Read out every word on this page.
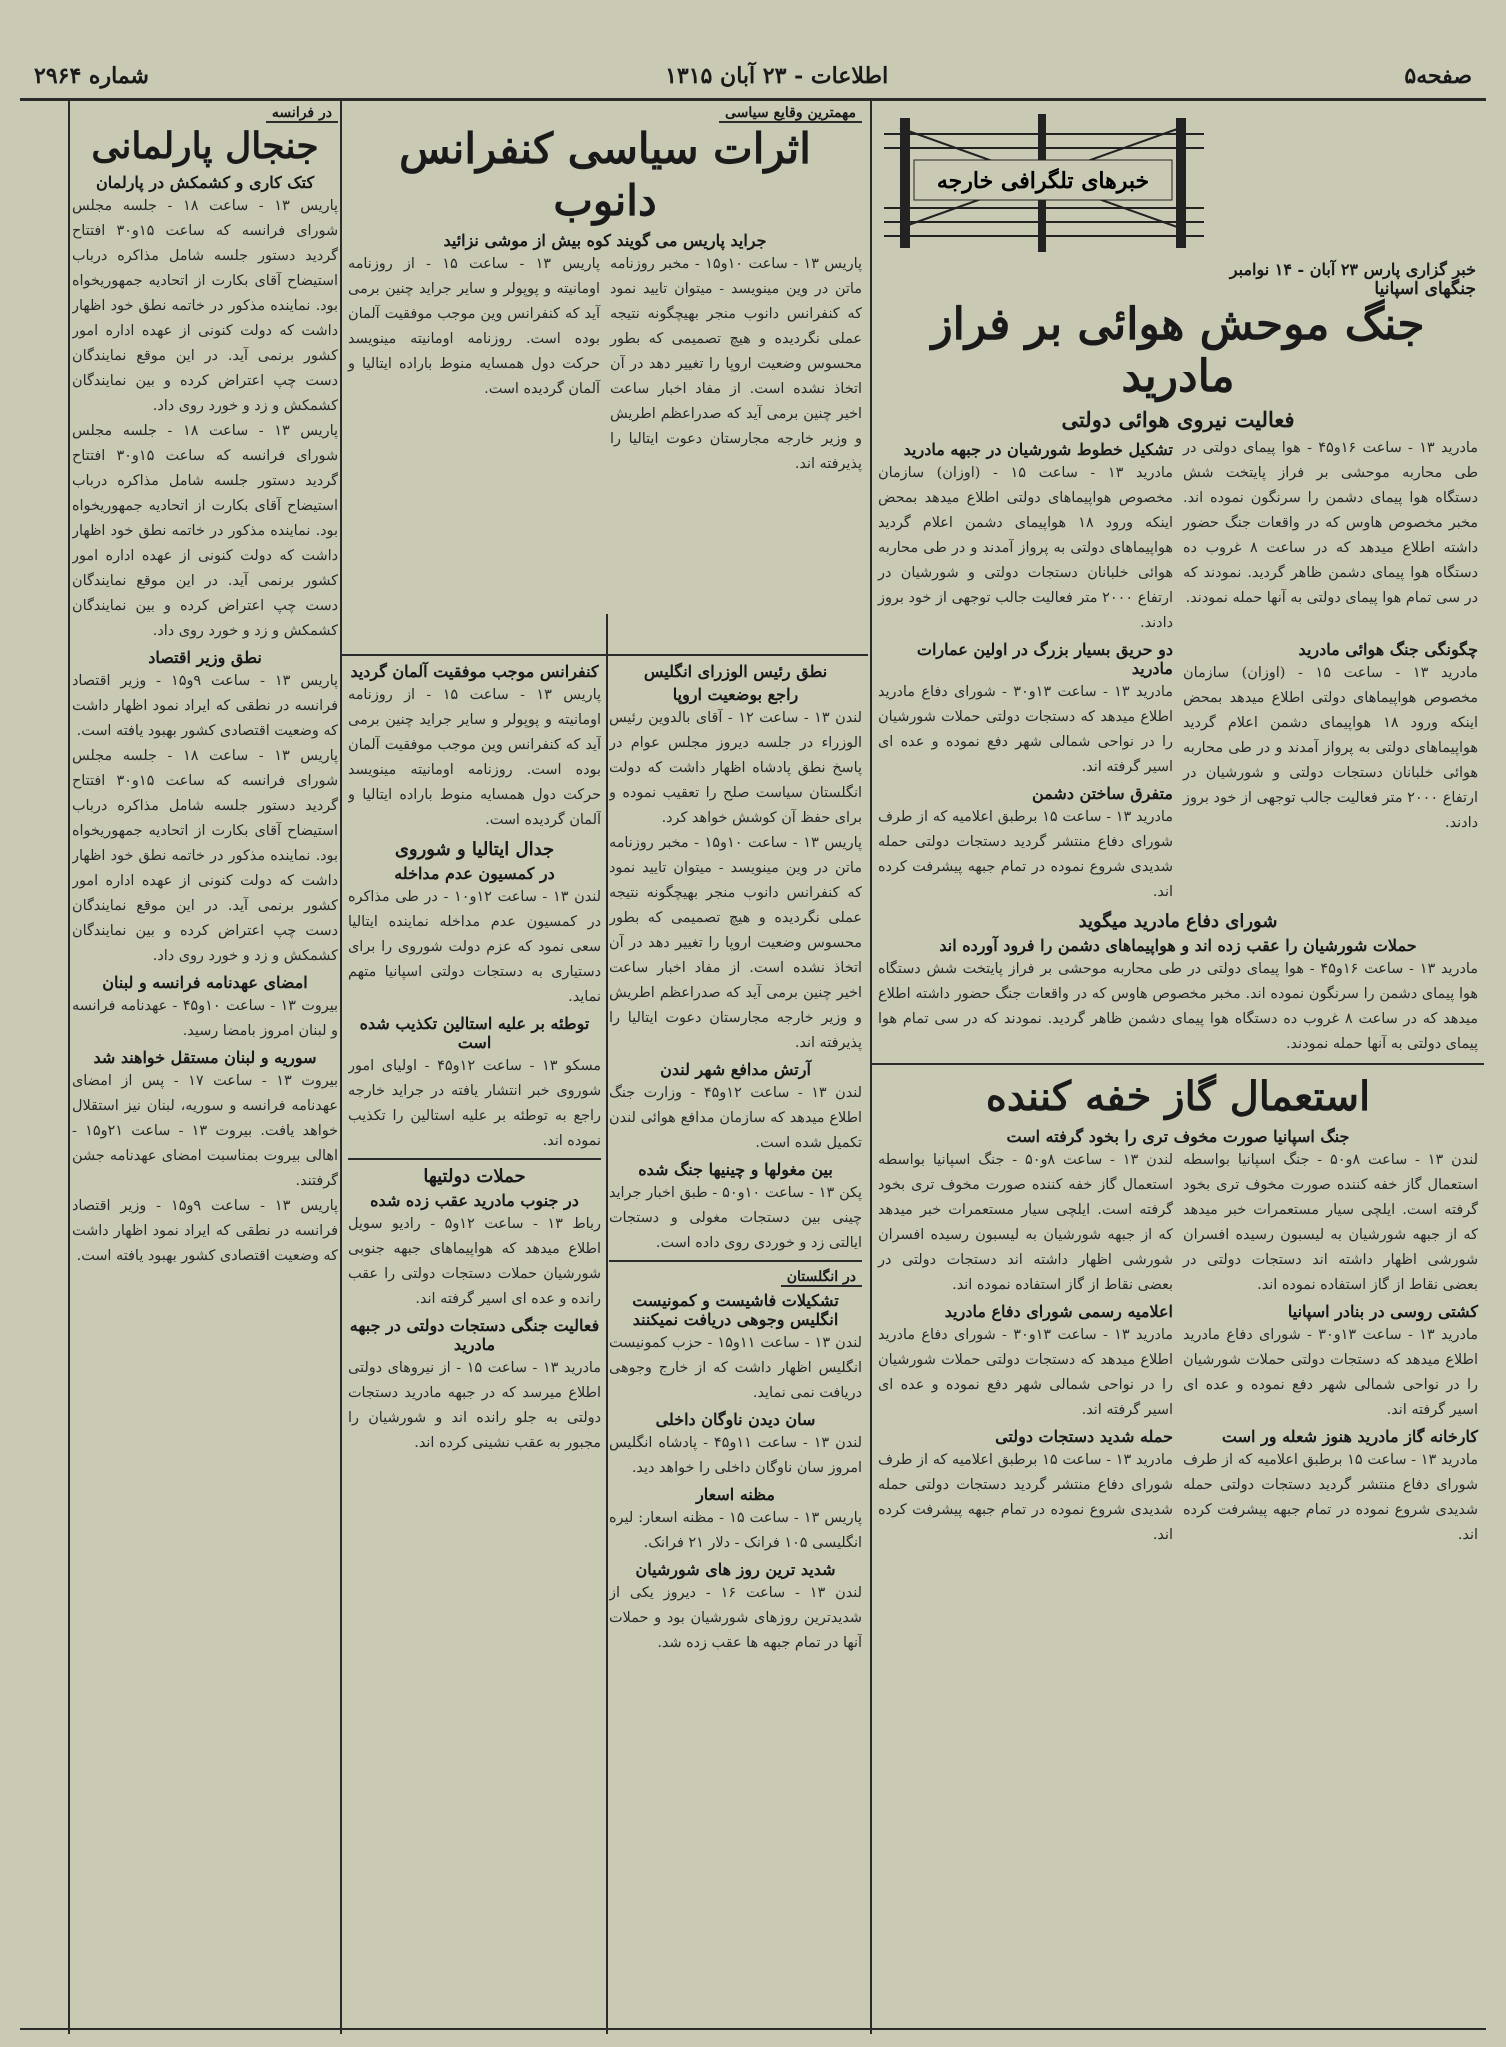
صفحه۵
اطلاعات - ۲۳ آبان ۱۳۱۵
شماره ۲۹۶۴
خبرهای تلگرافی خارجه
خبر گزاری پارس ۲۳ آبان - ۱۴ نوامبر
جنگهای اسپانیا
جنگ موحش هوائی بر فراز مادرید
فعالیت نیروی هوائی دولتی

مادرید ۱۳ - ساعت ۱۶و۴۵ - هوا پیمای دولتی در طی محاربه موحشی بر فراز پایتخت شش دستگاه هوا پیمای دشمن را سرنگون نموده اند. مخبر مخصوص هاوس که در واقعات جنگ حضور داشته اطلاع میدهد که در ساعت ۸ غروب ده دستگاه هوا پیمای دشمن ظاهر گردید. نمودند که در سی تمام هوا پیمای دولتی به آنها حمله نمودند.

تشکیل خطوط شورشیان در جبهه مادرید

مادرید ۱۳ - ساعت ۱۵ - (اوزان) سازمان مخصوص هواپیماهای دولتی اطلاع میدهد بمحض اینکه ورود ۱۸ هواپیمای دشمن اعلام گردید هواپیماهای دولتی به پرواز آمدند و در طی محاربه هوائی خلبانان دستجات دولتی و شورشیان در ارتفاع ۲۰۰۰ متر فعالیت جالب توجهی از خود بروز دادند.

چگونگی جنگ هوائی مادرید

مادرید ۱۳ - ساعت ۱۵ - (اوزان) سازمان مخصوص هواپیماهای دولتی اطلاع میدهد بمحض اینکه ورود ۱۸ هواپیمای دشمن اعلام گردید هواپیماهای دولتی به پرواز آمدند و در طی محاربه هوائی خلبانان دستجات دولتی و شورشیان در ارتفاع ۲۰۰۰ متر فعالیت جالب توجهی از خود بروز دادند.

دو حریق بسیار بزرگ در اولین عمارات مادرید

مادرید ۱۳ - ساعت ۱۳و۳۰ - شورای دفاع مادرید اطلاع میدهد که دستجات دولتی حملات شورشیان را در نواحی شمالی شهر دفع نموده و عده ای اسیر گرفته اند.

متفرق ساختن دشمن

مادرید ۱۳ - ساعت ۱۵ برطبق اعلامیه که از طرف شورای دفاع منتشر گردید دستجات دولتی حمله شدیدی شروع نموده در تمام جبهه پیشرفت کرده اند.

شورای دفاع مادرید میگوید
حملات شورشیان را عقب زده اند و هواپیماهای دشمن را فرود آورده اند

مادرید ۱۳ - ساعت ۱۶و۴۵ - هوا پیمای دولتی در طی محاربه موحشی بر فراز پایتخت شش دستگاه هوا پیمای دشمن را سرنگون نموده اند. مخبر مخصوص هاوس که در واقعات جنگ حضور داشته اطلاع میدهد که در ساعت ۸ غروب ده دستگاه هوا پیمای دشمن ظاهر گردید. نمودند که در سی تمام هوا پیمای دولتی به آنها حمله نمودند.

استعمال گاز خفه کننده
جنگ اسپانیا صورت مخوف تری را بخود گرفته است

لندن ۱۳ - ساعت ۸و۵۰ - جنگ اسپانیا بواسطه استعمال گاز خفه کننده صورت مخوف تری بخود گرفته است. ایلچی سیار مستعمرات خبر میدهد که از جبهه شورشیان به لیسبون رسیده افسران شورشی اظهار داشته اند دستجات دولتی در بعضی نقاط از گاز استفاده نموده اند.

کشتی روسی در بنادر اسپانیا

مادرید ۱۳ - ساعت ۱۳و۳۰ - شورای دفاع مادرید اطلاع میدهد که دستجات دولتی حملات شورشیان را در نواحی شمالی شهر دفع نموده و عده ای اسیر گرفته اند.

کارخانه گاز مادرید هنوز شعله ور است

مادرید ۱۳ - ساعت ۱۵ برطبق اعلامیه که از طرف شورای دفاع منتشر گردید دستجات دولتی حمله شدیدی شروع نموده در تمام جبهه پیشرفت کرده اند.

لندن ۱۳ - ساعت ۸و۵۰ - جنگ اسپانیا بواسطه استعمال گاز خفه کننده صورت مخوف تری بخود گرفته است. ایلچی سیار مستعمرات خبر میدهد که از جبهه شورشیان به لیسبون رسیده افسران شورشی اظهار داشته اند دستجات دولتی در بعضی نقاط از گاز استفاده نموده اند.

اعلامیه رسمی شورای دفاع مادرید

مادرید ۱۳ - ساعت ۱۳و۳۰ - شورای دفاع مادرید اطلاع میدهد که دستجات دولتی حملات شورشیان را در نواحی شمالی شهر دفع نموده و عده ای اسیر گرفته اند.

حمله شدید دستجات دولتی

مادرید ۱۳ - ساعت ۱۵ برطبق اعلامیه که از طرف شورای دفاع منتشر گردید دستجات دولتی حمله شدیدی شروع نموده در تمام جبهه پیشرفت کرده اند.

مهمترین وقایع سیاسی
اثرات سیاسی کنفرانس دانوب
جراید پاریس می گویند کوه بیش از موشی نزائید

پاریس ۱۳ - ساعت ۱۰و۱۵ - مخبر روزنامه ماتن در وین مینویسد - میتوان تایید نمود که کنفرانس دانوب منجر بهیچگونه نتیجه عملی نگردیده و هیچ تصمیمی که بطور محسوس وضعیت اروپا را تغییر دهد در آن اتخاذ نشده است. از مفاد اخبار ساعت اخیر چنین برمی آید که صدراعظم اطریش و وزیر خارجه مجارستان دعوت ایتالیا را پذیرفته اند.

پاریس ۱۳ - ساعت ۱۵ - از روزنامه اومانیته و پوپولر و سایر جراید چنین برمی آید که کنفرانس وین موجب موفقیت آلمان بوده است. روزنامه اومانیته مینویسد حرکت دول همسایه منوط باراده ایتالیا و آلمان گردیده است.

نطق رئیس الوزرای انگلیس
راجع بوضعیت اروپا

لندن ۱۳ - ساعت ۱۲ - آقای بالدوین رئیس الوزراء در جلسه دیروز مجلس عوام در پاسخ نطق پادشاه اظهار داشت که دولت انگلستان سیاست صلح را تعقیب نموده و برای حفظ آن کوشش خواهد کرد.

پاریس ۱۳ - ساعت ۱۰و۱۵ - مخبر روزنامه ماتن در وین مینویسد - میتوان تایید نمود که کنفرانس دانوب منجر بهیچگونه نتیجه عملی نگردیده و هیچ تصمیمی که بطور محسوس وضعیت اروپا را تغییر دهد در آن اتخاذ نشده است. از مفاد اخبار ساعت اخیر چنین برمی آید که صدراعظم اطریش و وزیر خارجه مجارستان دعوت ایتالیا را پذیرفته اند.

آرتش مدافع شهر لندن

لندن ۱۳ - ساعت ۱۲و۴۵ - وزارت جنگ اطلاع میدهد که سازمان مدافع هوائی لندن تکمیل شده است.

بین مغولها و چینیها جنگ شده

پکن ۱۳ - ساعت ۱۰و۵۰ - طبق اخبار جراید چینی بین دستجات مغولی و دستجات ایالتی زد و خوردی روی داده است.

در انگلستان
تشکیلات فاشیست و کمونیست انگلیس وجوهی دریافت نمیکنند

لندن ۱۳ - ساعت ۱۱و۱۵ - حزب کمونیست انگلیس اظهار داشت که از خارج وجوهی دریافت نمی نماید.

سان دیدن ناوگان داخلی

لندن ۱۳ - ساعت ۱۱و۴۵ - پادشاه انگلیس امروز سان ناوگان داخلی را خواهد دید.

مظنه اسعار

پاریس ۱۳ - ساعت ۱۵ - مظنه اسعار: لیره انگلیسی ۱۰۵ فرانک - دلار ۲۱ فرانک.

شدید ترین روز های شورشیان

لندن ۱۳ - ساعت ۱۶ - دیروز یکی از شدیدترین روزهای شورشیان بود و حملات آنها در تمام جبهه ها عقب زده شد.

کنفرانس موجب موفقیت آلمان گردید

پاریس ۱۳ - ساعت ۱۵ - از روزنامه اومانیته و پوپولر و سایر جراید چنین برمی آید که کنفرانس وین موجب موفقیت آلمان بوده است. روزنامه اومانیته مینویسد حرکت دول همسایه منوط باراده ایتالیا و آلمان گردیده است.

جدال ایتالیا و شوروی
در کمسیون عدم مداخله

لندن ۱۳ - ساعت ۱۲و۱۰ - در طی مذاکره در کمسیون عدم مداخله نماینده ایتالیا سعی نمود که عزم دولت شوروی را برای دستیاری به دستجات دولتی اسپانیا متهم نماید.

توطئه بر علیه استالین تکذیب شده است

مسکو ۱۳ - ساعت ۱۲و۴۵ - اولیای امور شوروی خبر انتشار یافته در جراید خارجه راجع به توطئه بر علیه استالین را تکذیب نموده اند.

حملات دولتیها
در جنوب مادرید عقب زده شده

رباط ۱۳ - ساعت ۱۲و۵ - رادیو سویل اطلاع میدهد که هواپیماهای جبهه جنوبی شورشیان حملات دستجات دولتی را عقب رانده و عده ای اسیر گرفته اند.

فعالیت جنگی دستجات دولتی در جبهه مادرید

مادرید ۱۳ - ساعت ۱۵ - از نیروهای دولتی اطلاع میرسد که در جبهه مادرید دستجات دولتی به جلو رانده اند و شورشیان را مجبور به عقب نشینی کرده اند.

در فرانسه
جنجال پارلمانی
کتک کاری و کشمکش در پارلمان

پاریس ۱۳ - ساعت ۱۸ - جلسه مجلس شورای فرانسه که ساعت ۱۵و۳۰ افتتاح گردید دستور جلسه شامل مذاکره درباب استیضاح آقای بکارت از اتحادیه جمهوریخواه بود. نماینده مذکور در خاتمه نطق خود اظهار داشت که دولت کنونی از عهده اداره امور کشور برنمی آید. در این موقع نمایندگان دست چپ اعتراض کرده و بین نمایندگان کشمکش و زد و خورد روی داد.

پاریس ۱۳ - ساعت ۱۸ - جلسه مجلس شورای فرانسه که ساعت ۱۵و۳۰ افتتاح گردید دستور جلسه شامل مذاکره درباب استیضاح آقای بکارت از اتحادیه جمهوریخواه بود. نماینده مذکور در خاتمه نطق خود اظهار داشت که دولت کنونی از عهده اداره امور کشور برنمی آید. در این موقع نمایندگان دست چپ اعتراض کرده و بین نمایندگان کشمکش و زد و خورد روی داد.

نطق وزیر اقتصاد

پاریس ۱۳ - ساعت ۹و۱۵ - وزیر اقتصاد فرانسه در نطقی که ایراد نمود اظهار داشت که وضعیت اقتصادی کشور بهبود یافته است.

پاریس ۱۳ - ساعت ۱۸ - جلسه مجلس شورای فرانسه که ساعت ۱۵و۳۰ افتتاح گردید دستور جلسه شامل مذاکره درباب استیضاح آقای بکارت از اتحادیه جمهوریخواه بود. نماینده مذکور در خاتمه نطق خود اظهار داشت که دولت کنونی از عهده اداره امور کشور برنمی آید. در این موقع نمایندگان دست چپ اعتراض کرده و بین نمایندگان کشمکش و زد و خورد روی داد.

امضای عهدنامه فرانسه و لبنان

بیروت ۱۳ - ساعت ۱۰و۴۵ - عهدنامه فرانسه و لبنان امروز بامضا رسید.

سوریه و لبنان مستقل خواهند شد

بیروت ۱۳ - ساعت ۱۷ - پس از امضای عهدنامه فرانسه و سوریه، لبنان نیز استقلال خواهد یافت. بیروت ۱۳ - ساعت ۲۱و۱۵ - اهالی بیروت بمناسبت امضای عهدنامه جشن گرفتند.

پاریس ۱۳ - ساعت ۹و۱۵ - وزیر اقتصاد فرانسه در نطقی که ایراد نمود اظهار داشت که وضعیت اقتصادی کشور بهبود یافته است.
